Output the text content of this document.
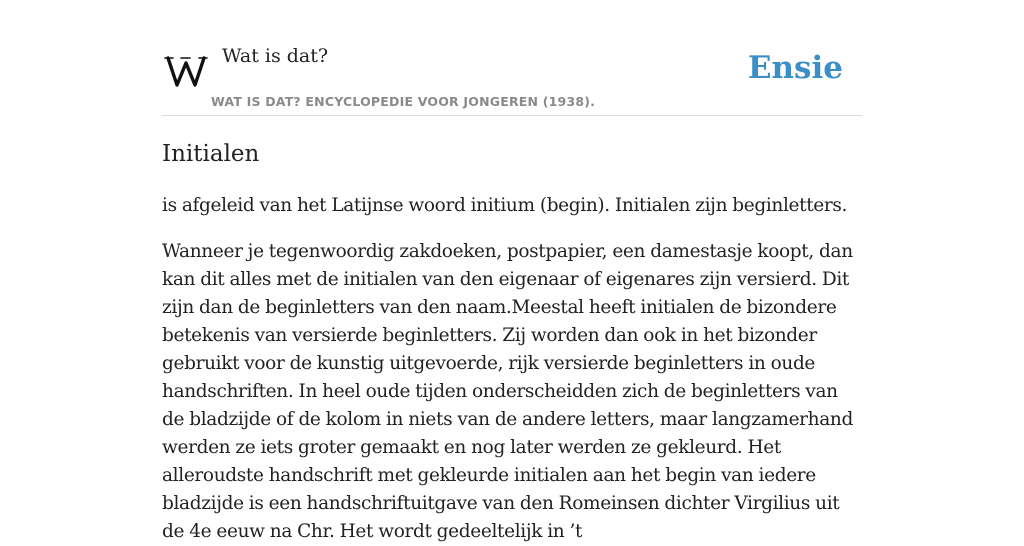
Wat is dat?
WAT IS DAT? ENCYCLOPEDIE VOOR JONGEREN (1938).
Ensie
Initialen

is afgeleid van het Latijnse woord initium (begin). Initialen zijn beginletters.

Wanneer je tegenwoordig zakdoeken, postpapier, een damestasje koopt, dan kan dit alles met de initialen van den eigenaar of eigenares zijn versierd. Dit zijn dan de beginletters van den naam.Meestal heeft initialen de bizondere betekenis van versierde beginletters. Zij worden dan ook in het bizonder gebruikt voor de kunstig uitgevoerde, rijk versierde beginletters in oude handschriften. In heel oude tijden onderscheidden zich de beginletters van de bladzijde of de kolom in niets van de andere letters, maar langzamerhand werden ze iets groter gemaakt en nog later werden ze gekleurd. Het alleroudste handschrift met gekleurde initialen aan het begin van iedere bladzijde is een handschriftuitgave van den Romeinsen dichter Virgilius uit de 4e eeuw na Chr. Het wordt gedeeltelijk in ’t
